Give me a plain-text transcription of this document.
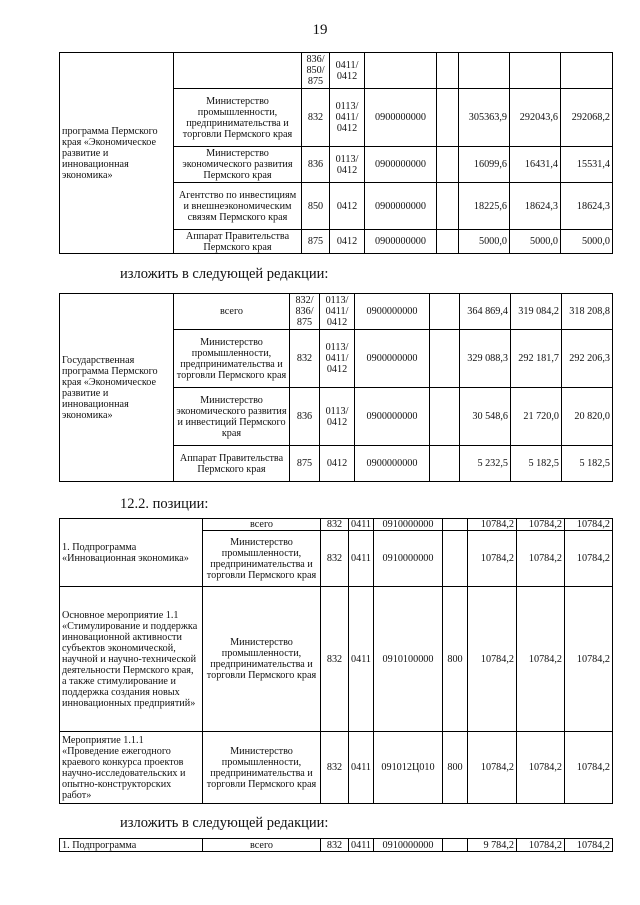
19
программа Пермского края «Экономическое развитие и инновационная экономика»		836/ 850/ 875	0411/ 0412					
	Министерство промышленности, предпринимательства и торговли Пермского края	832	0113/ 0411/ 0412	0900000000		305363,9	292043,6	292068,2
	Министерство экономического развития Пермского края	836	0113/ 0412	0900000000		16099,6	16431,4	15531,4
	Агентство по инвестициям и внешнеэкономическим связям Пермского края	850	0412	0900000000		18225,6	18624,3	18624,3
	Аппарат Правительства Пермского края	875	0412	0900000000		5000,0	5000,0	5000,0
изложить в следующей редакции:
Государственная программа Пермского края «Экономическое развитие и инновационная экономика»	всего	832/ 836/ 875	0113/ 0411/ 0412	0900000000		364 869,4	319 084,2	318 208,8
	Министерство промышленности, предпринимательства и торговли Пермского края	832	0113/ 0411/ 0412	0900000000		329 088,3	292 181,7	292 206,3
	Министерство экономического развития и инвестиций Пермского края	836	0113/ 0412	0900000000		30 548,6	21 720,0	20 820,0
	Аппарат Правительства Пермского края	875	0412	0900000000		5 232,5	5 182,5	5 182,5
12.2. позиции:
1. Подпрограмма «Инновационная экономика»	всего	832	0411	0910000000		10784,2	10784,2	10784,2
	Министерство промышленности, предпринимательства и торговли Пермского края	832	0411	0910000000		10784,2	10784,2	10784,2
Основное мероприятие 1.1 «Стимулирование и поддержка инновационной активности субъектов экономической, научной и научно-технической деятельности Пермского края, а также стимулирование и поддержка создания новых инновационных предприятий»	Министерство промышленности, предпринимательства и торговли Пермского края	832	0411	0910100000	800	10784,2	10784,2	10784,2
Мероприятие 1.1.1 «Проведение ежегодного краевого конкурса проектов научно-исследовательских и опытно-конструкторских работ»	Министерство промышленности, предпринимательства и торговли Пермского края	832	0411	091012Ц010	800	10784,2	10784,2	10784,2
изложить в следующей редакции:
1. Подпрограмма	всего	832	0411	0910000000		9 784,2	10784,2	10784,2
